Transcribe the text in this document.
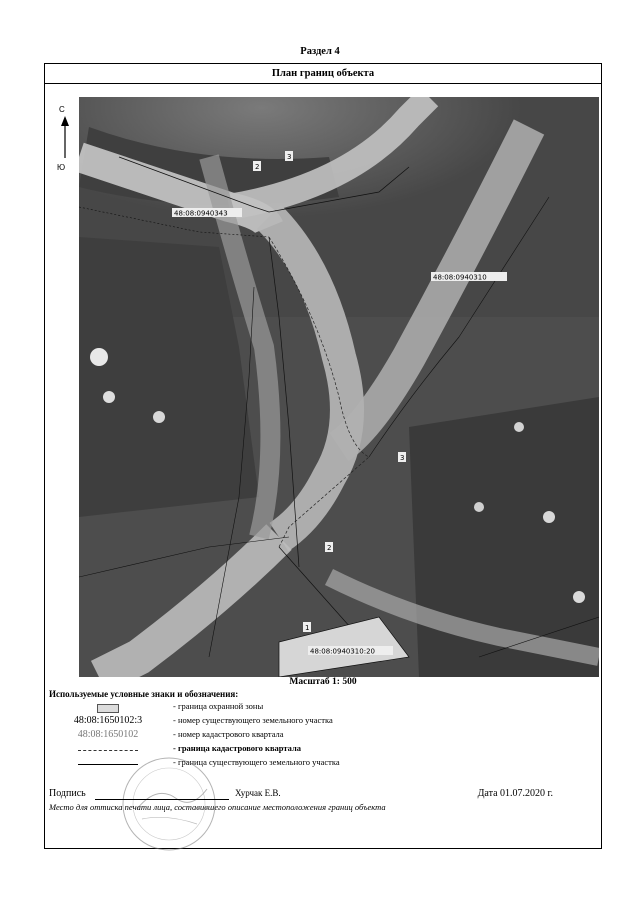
Раздел 4
План границ объекта
С
Ю
48:08:0940343
48:08:0940310
48:08:0940310:20
2
3
2
3
1
Масштаб 1: 500
Используемые условные знаки и обозначения:
- граница охранной зоны
48:08:1650102:3	- номер существующего земельного участка
48:08:1650102	- номер кадастрового квартала
- граница кадастрового квартала
- граница существующего земельного участка
Подпись	Хурчак Е.В.	Дата 01.07.2020 г.
Место для оттиска печати лица, составившего описание местоположения границ объекта
